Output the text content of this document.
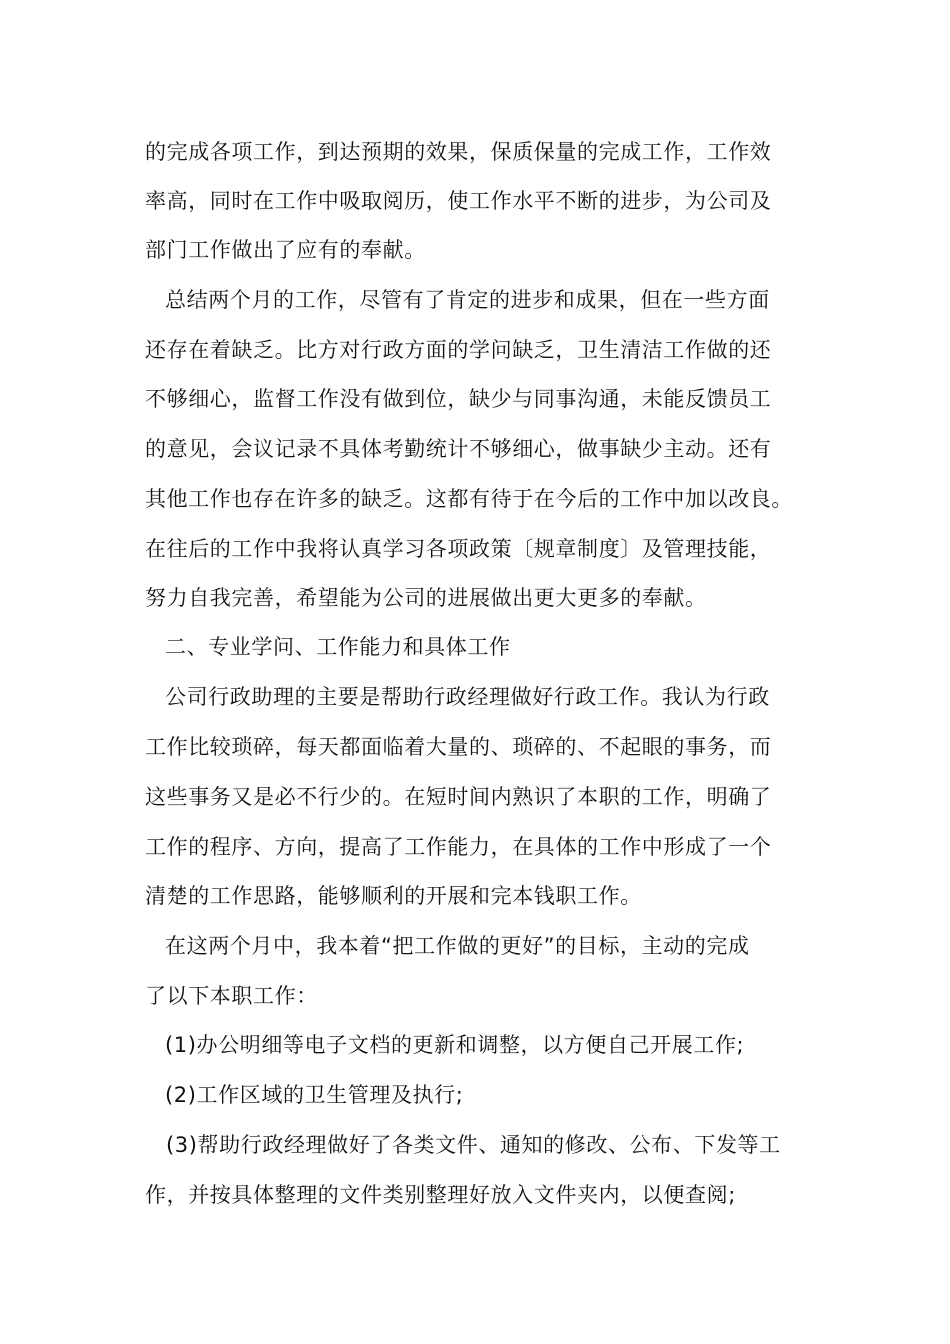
的完成各项工作，到达预期的效果，保质保量的完成工作，工作效
率高，同时在工作中吸取阅历，使工作水平不断的进步，为公司及
部门工作做出了应有的奉献。
总结两个月的工作，尽管有了肯定的进步和成果，但在一些方面
还存在着缺乏。比方对行政方面的学问缺乏，卫生清洁工作做的还
不够细心，监督工作没有做到位，缺少与同事沟通，未能反馈员工
的意见，会议记录不具体考勤统计不够细心，做事缺少主动。还有
其他工作也存在许多的缺乏。这都有待于在今后的工作中加以改良。
在往后的工作中我将认真学习各项政策〔规章制度〕及管理技能，
努力自我完善，希望能为公司的进展做出更大更多的奉献。
二、专业学问、工作能力和具体工作
公司行政助理的主要是帮助行政经理做好行政工作。我认为行政
工作比较琐碎，每天都面临着大量的、琐碎的、不起眼的事务，而
这些事务又是必不行少的。在短时间内熟识了本职的工作，明确了
工作的程序、方向，提高了工作能力，在具体的工作中形成了一个
清楚的工作思路，能够顺利的开展和完本钱职工作。
在这两个月中，我本着“把工作做的更好”的目标，主动的完成
了以下本职工作：
(1)办公明细等电子文档的更新和调整，以方便自己开展工作;
(2)工作区域的卫生管理及执行;
(3)帮助行政经理做好了各类文件、通知的修改、公布、下发等工
作，并按具体整理的文件类别整理好放入文件夹内，以便查阅;
